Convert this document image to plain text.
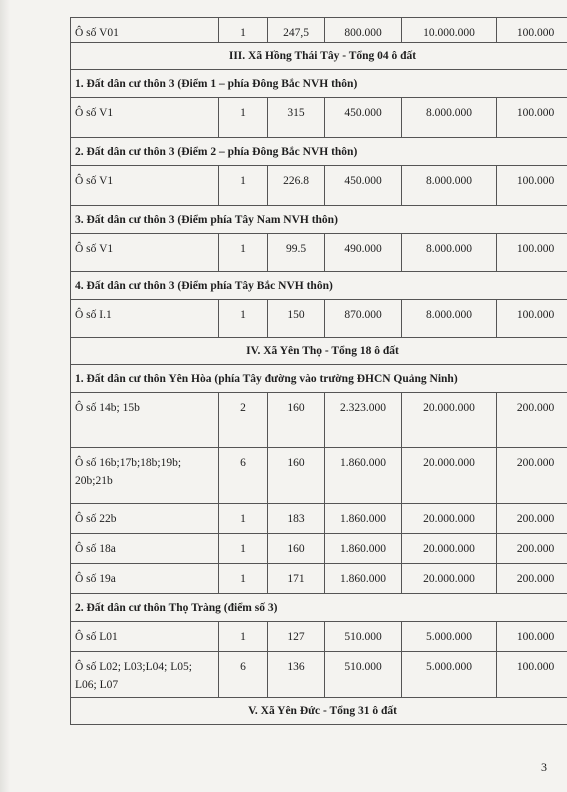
Ô số V01	1	247,5	800.000	10.000.000	100.000
III. Xã Hồng Thái Tây - Tổng 04 ô đất					
1. Đất dân cư thôn 3 (Điểm 1 – phía Đông Bắc NVH thôn)					
Ô số V1	1	315	450.000	8.000.000	100.000
2. Đất dân cư thôn 3 (Điểm 2 – phía Đông Bắc NVH thôn)					
Ô số V1	1	226.8	450.000	8.000.000	100.000
3. Đất dân cư thôn 3 (Điểm phía Tây Nam NVH thôn)					
Ô số V1	1	99.5	490.000	8.000.000	100.000
4. Đất dân cư thôn 3 (Điểm phía Tây Bắc NVH thôn)					
Ô số I.1	1	150	870.000	8.000.000	100.000
IV. Xã Yên Thọ - Tổng 18 ô đất					
1. Đất dân cư thôn Yên Hòa (phía Tây đường vào trường ĐHCN Quảng Ninh)					
Ô số 14b; 15b	2	160	2.323.000	20.000.000	200.000
Ô số 16b;17b;18b;19b; 20b;21b	6	160	1.860.000	20.000.000	200.000
Ô số 22b	1	183	1.860.000	20.000.000	200.000
Ô số 18a	1	160	1.860.000	20.000.000	200.000
Ô số 19a	1	171	1.860.000	20.000.000	200.000
2. Đất dân cư thôn Thọ Tràng (điểm số 3)					
Ô số L01	1	127	510.000	5.000.000	100.000
Ô số L02; L03;L04; L05; L06; L07	6	136	510.000	5.000.000	100.000
V. Xã Yên Đức - Tổng 31 ô đất					
3
